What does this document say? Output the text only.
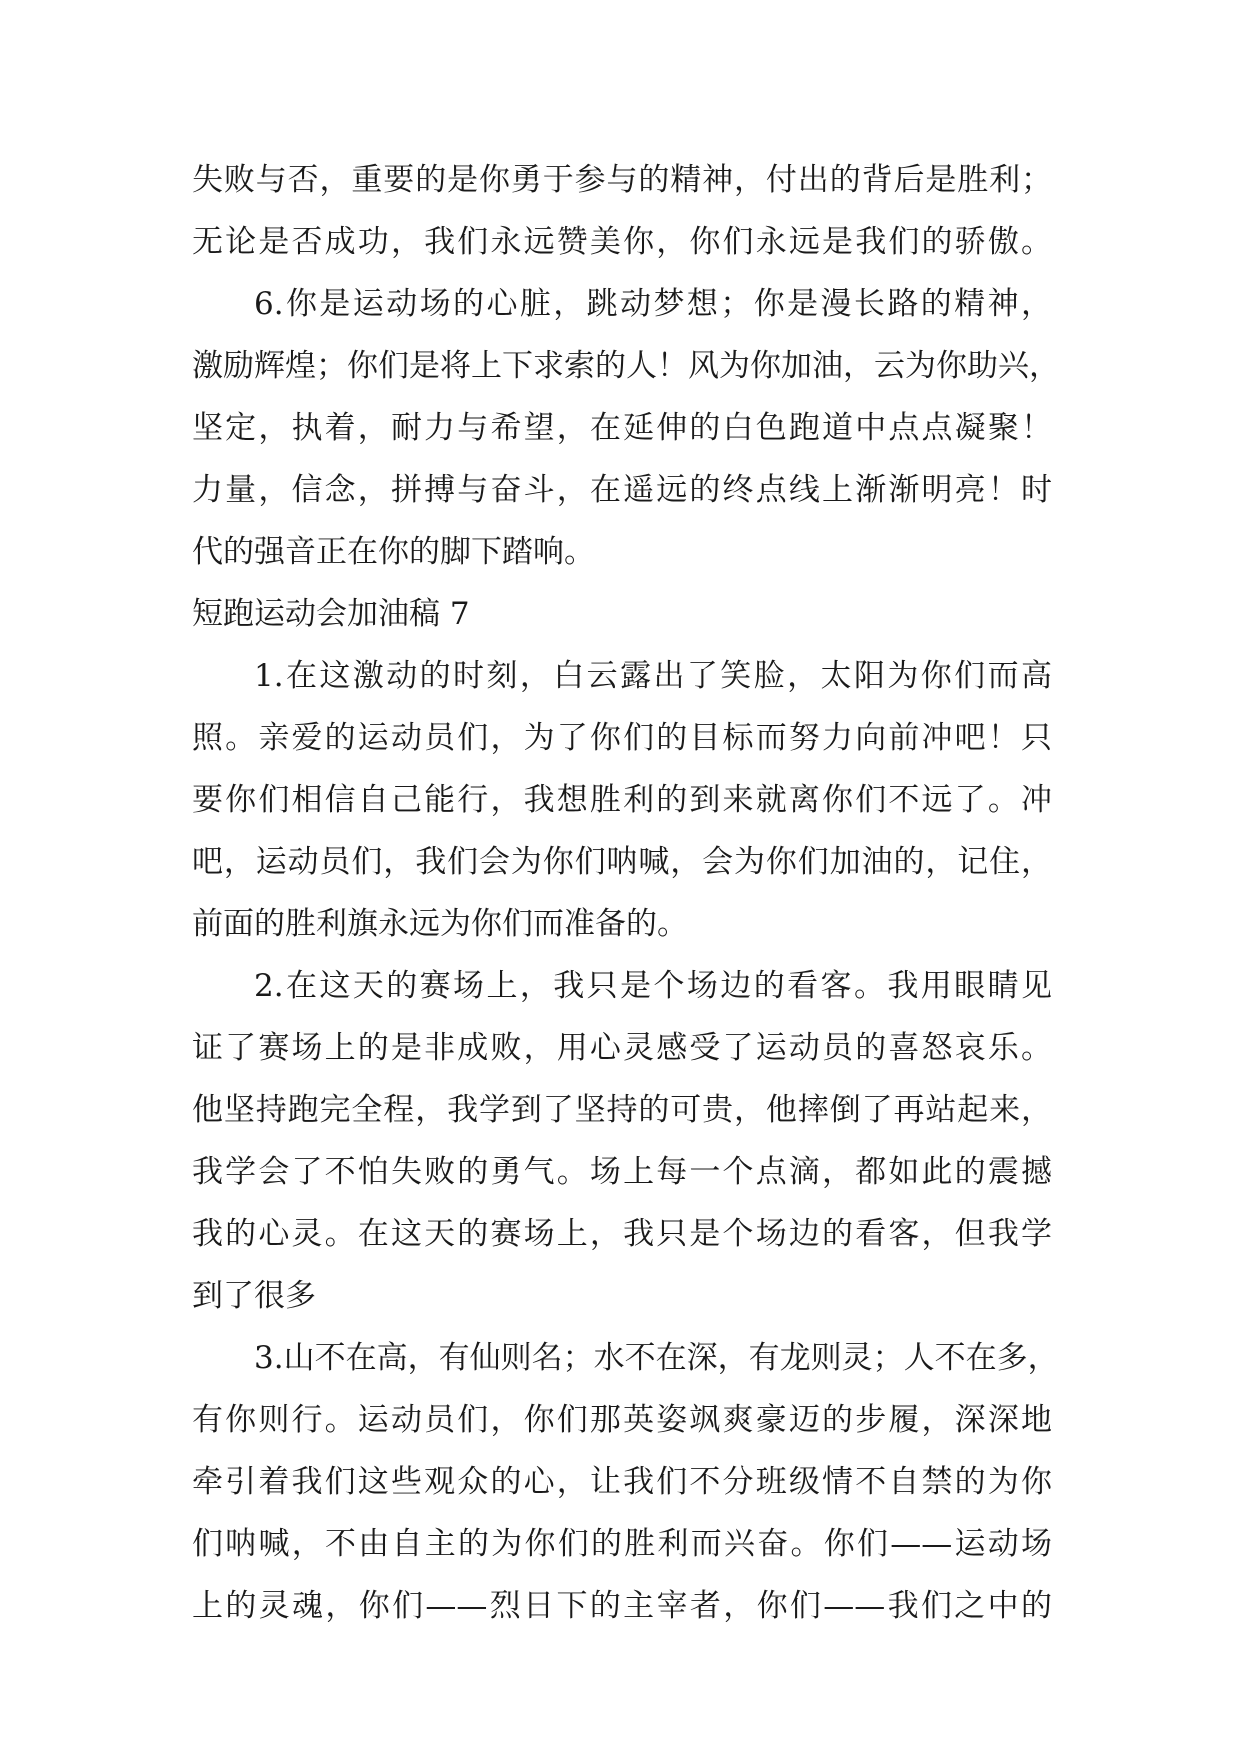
失败与否，重要的是你勇于参与的精神，付出的背后是胜利；
无论是否成功，我们永远赞美你，你们永远是我们的骄傲。
6.你是运动场的心脏，跳动梦想；你是漫长路的精神，
激励辉煌；你们是将上下求索的人！风为你加油，云为你助兴，
坚定，执着，耐力与希望，在延伸的白色跑道中点点凝聚！
力量，信念，拼搏与奋斗，在遥远的终点线上渐渐明亮！时
代的强音正在你的脚下踏响。
短跑运动会加油稿 7
1.在这激动的时刻，白云露出了笑脸，太阳为你们而高
照。亲爱的运动员们，为了你们的目标而努力向前冲吧！只
要你们相信自己能行，我想胜利的到来就离你们不远了。冲
吧，运动员们，我们会为你们呐喊，会为你们加油的，记住，
前面的胜利旗永远为你们而准备的。
2.在这天的赛场上，我只是个场边的看客。我用眼睛见
证了赛场上的是非成败，用心灵感受了运动员的喜怒哀乐。
他坚持跑完全程，我学到了坚持的可贵，他摔倒了再站起来，
我学会了不怕失败的勇气。场上每一个点滴，都如此的震撼
我的心灵。在这天的赛场上，我只是个场边的看客，但我学
到了很多
3.山不在高，有仙则名；水不在深，有龙则灵；人不在多，
有你则行。运动员们，你们那英姿飒爽豪迈的步履，深深地
牵引着我们这些观众的心，让我们不分班级情不自禁的为你
们呐喊，不由自主的为你们的胜利而兴奋。你们——运动场
上的灵魂，你们——烈日下的主宰者，你们——我们之中的
